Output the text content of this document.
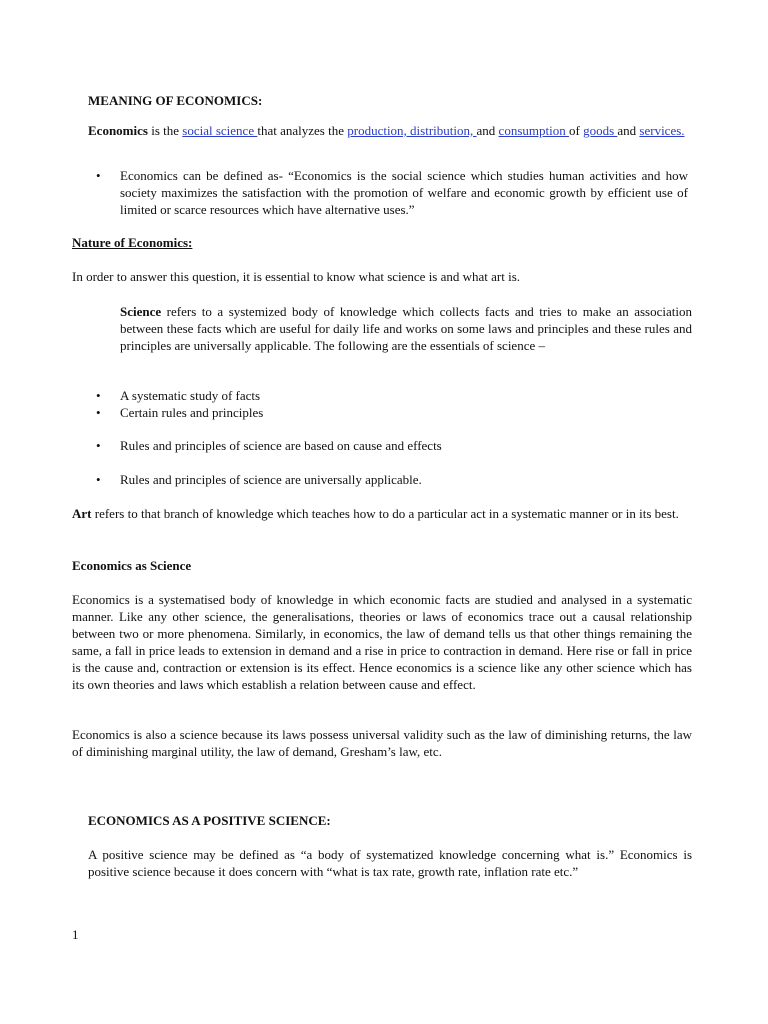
MEANING OF ECONOMICS:

Economics is the social science that analyzes the production, distribution, and consumption of goods and services.

• Economics can be defined as- “Economics is the social science which studies human activities and how society maximizes the satisfaction with the promotion of welfare and economic growth by efficient use of limited or scarce resources which have alternative uses.”

Nature of Economics:

In order to answer this question, it is essential to know what science is and what art is.

Science refers to a systemized body of knowledge which collects facts and tries to make an association between these facts which are useful for daily life and works on some laws and principles and these rules and principles are universally applicable. The following are the essentials of science –

• A systematic study of facts
• Certain rules and principles
• Rules and principles of science are based on cause and effects
• Rules and principles of science are universally applicable.

Art refers to that branch of knowledge which teaches how to do a particular act in a systematic manner or in its best.

Economics as Science

Economics is a systematised body of knowledge in which economic facts are studied and analysed in a systematic manner. Like any other science, the generalisations, theories or laws of economics trace out a causal relationship between two or more phenomena. Similarly, in economics, the law of demand tells us that other things remaining the same, a fall in price leads to extension in demand and a rise in price to contraction in demand. Here rise or fall in price is the cause and, contraction or extension is its effect. Hence economics is a science like any other science which has its own theories and laws which establish a relation between cause and effect.

Economics is also a science because its laws possess universal validity such as the law of diminishing returns, the law of diminishing marginal utility, the law of demand, Gresham’s law, etc.

ECONOMICS AS A POSITIVE SCIENCE:

A positive science may be defined as “a body of systematized knowledge concerning what is.” Economics is positive science because it does concern with “what is tax rate, growth rate, inflation rate etc.”

1
